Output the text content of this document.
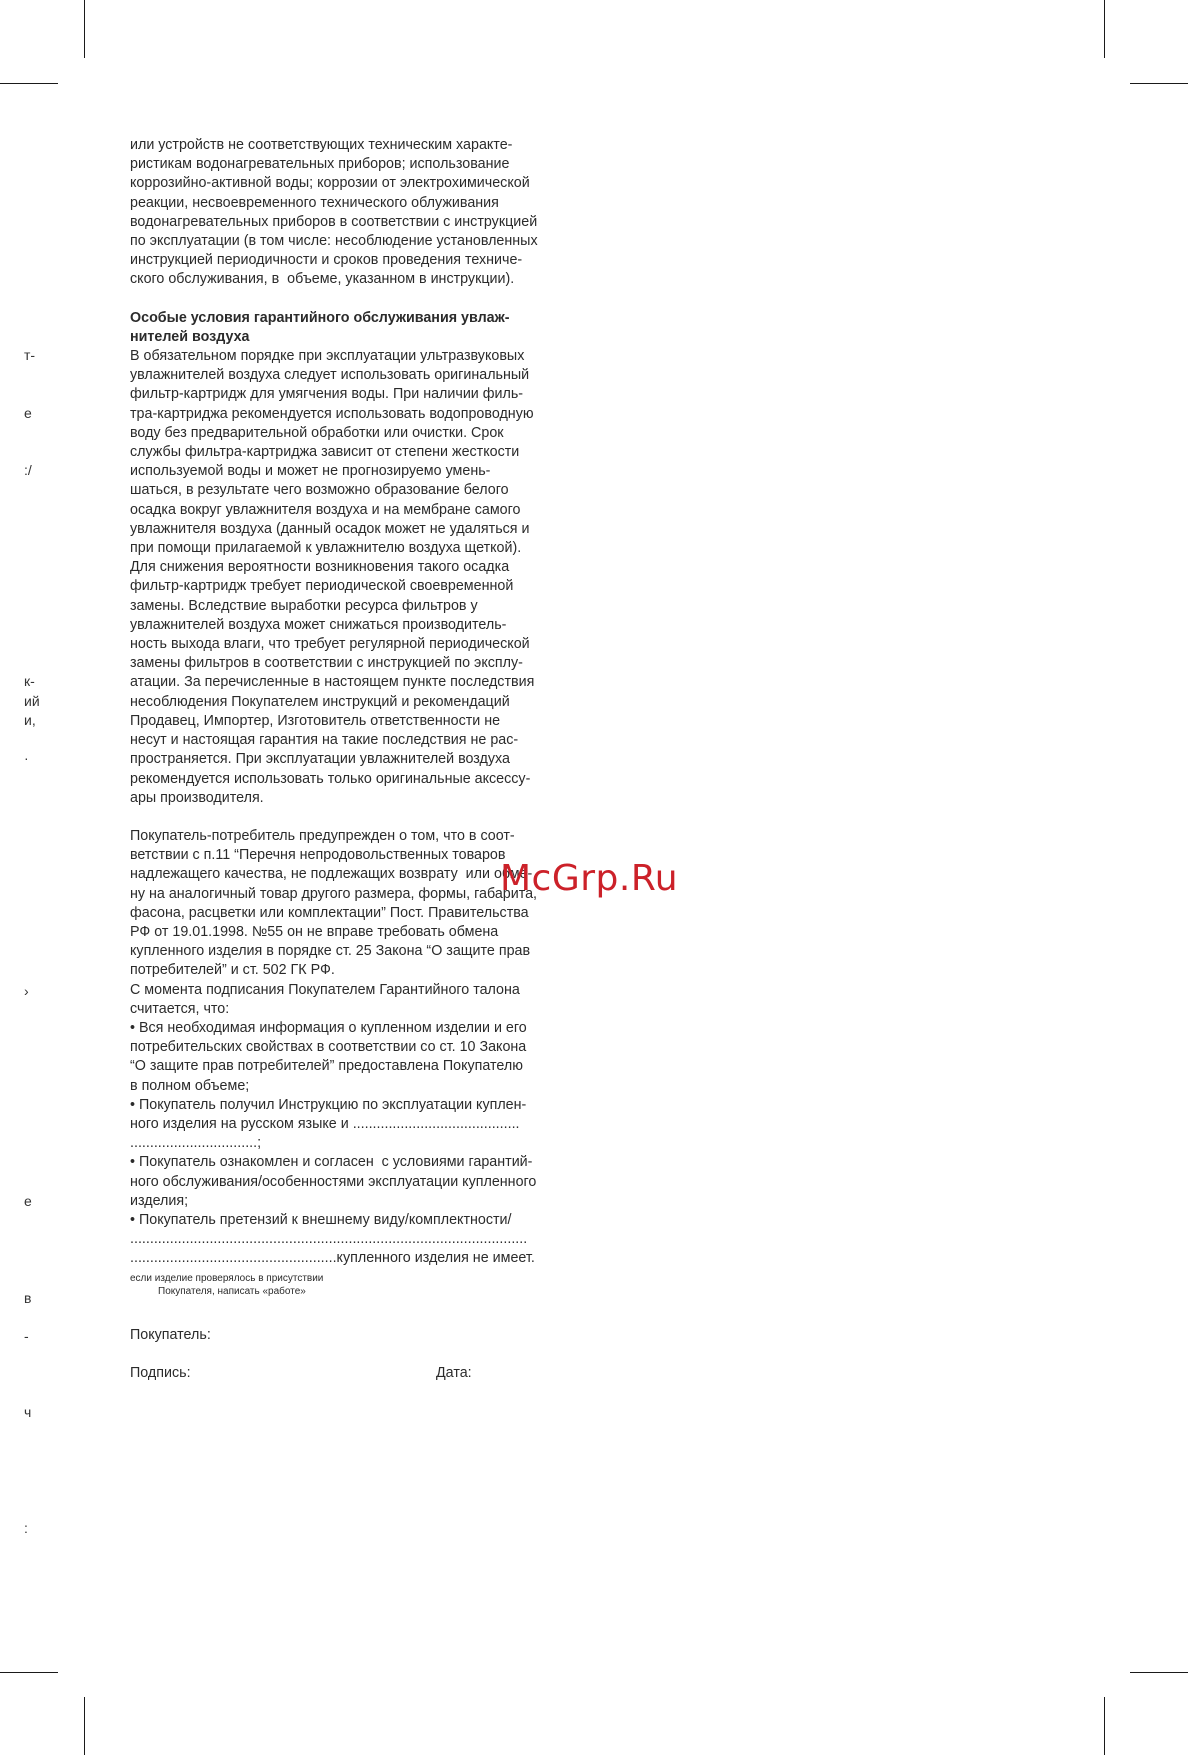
т-
е
:/
к-
ий
и,
·
›
е
в
-
ч
:
или устройств не соответствующих техническим характе-
ристикам водонагревательных приборов; использование
коррозийно-активной воды; коррозии от электрохимической
реакции, несвоевременного технического облуживания
водонагревательных приборов в соответствии с инструкцией
по эксплуатации (в том числе: несоблюдение установленных
инструкцией периодичности и сроков проведения техниче-
ского обслуживания, в  объеме, указанном в инструкции).
Особые условия гарантийного обслуживания увлаж-
нителей воздуха
В обязательном порядке при эксплуатации ультразвуковых
увлажнителей воздуха следует использовать оригинальный
фильтр-картридж для умягчения воды. При наличии филь-
тра-картриджа рекомендуется использовать водопроводную
воду без предварительной обработки или очистки. Срок
службы фильтра-картриджа зависит от степени жесткости
используемой воды и может не прогнозируемо умень-
шаться, в результате чего возможно образование белого
осадка вокруг увлажнителя воздуха и на мембране самого
увлажнителя воздуха (данный осадок может не удаляться и
при помощи прилагаемой к увлажнителю воздуха щеткой).
Для снижения вероятности возникновения такого осадка
фильтр-картридж требует периодической своевременной
замены. Вследствие выработки ресурса фильтров у
увлажнителей воздуха может снижаться производитель-
ность выхода влаги, что требует регулярной периодической
замены фильтров в соответствии с инструкцией по эксплу-
атации. За перечисленные в настоящем пункте последствия
несоблюдения Покупателем инструкций и рекомендаций
Продавец, Импортер, Изготовитель ответственности не
несут и настоящая гарантия на такие последствия не рас-
пространяется. При эксплуатации увлажнителей воздуха
рекомендуется использовать только оригинальные аксессу-
ары производителя.
Покупатель-потребитель предупрежден о том, что в соот-
ветствии с п.11 “Перечня непродовольственных товаров
надлежащего качества, не подлежащих возврату  или обме-
ну на аналогичный товар другого размера, формы, габарита,
фасона, расцветки или комплектации” Пост. Правительства
РФ от 19.01.1998. №55 он не вправе требовать обмена
купленного изделия в порядке ст. 25 Закона “О защите прав
потребителей” и ст. 502 ГК РФ.
С момента подписания Покупателем Гарантийного талона
считается, что:
• Вся необходимая информация о купленном изделии и его
потребительских свойствах в соответствии со ст. 10 Закона
“О защите прав потребителей” предоставлена Покупателю
в полном объеме;
• Покупатель получил Инструкцию по эксплуатации куплен-
ного изделия на русском языке и ..........................................
................................;
• Покупатель ознакомлен и согласен  с условиями гарантий-
ного обслуживания/особенностями эксплуатации купленного
изделия;
• Покупатель претензий к внешнему виду/комплектности/
....................................................................................................
....................................................купленного изделия не имеет.
если изделие проверялось в присутствии
Покупателя, написать «работе»
Покупатель:
Подпись:	Дата:
McGrp.Ru
